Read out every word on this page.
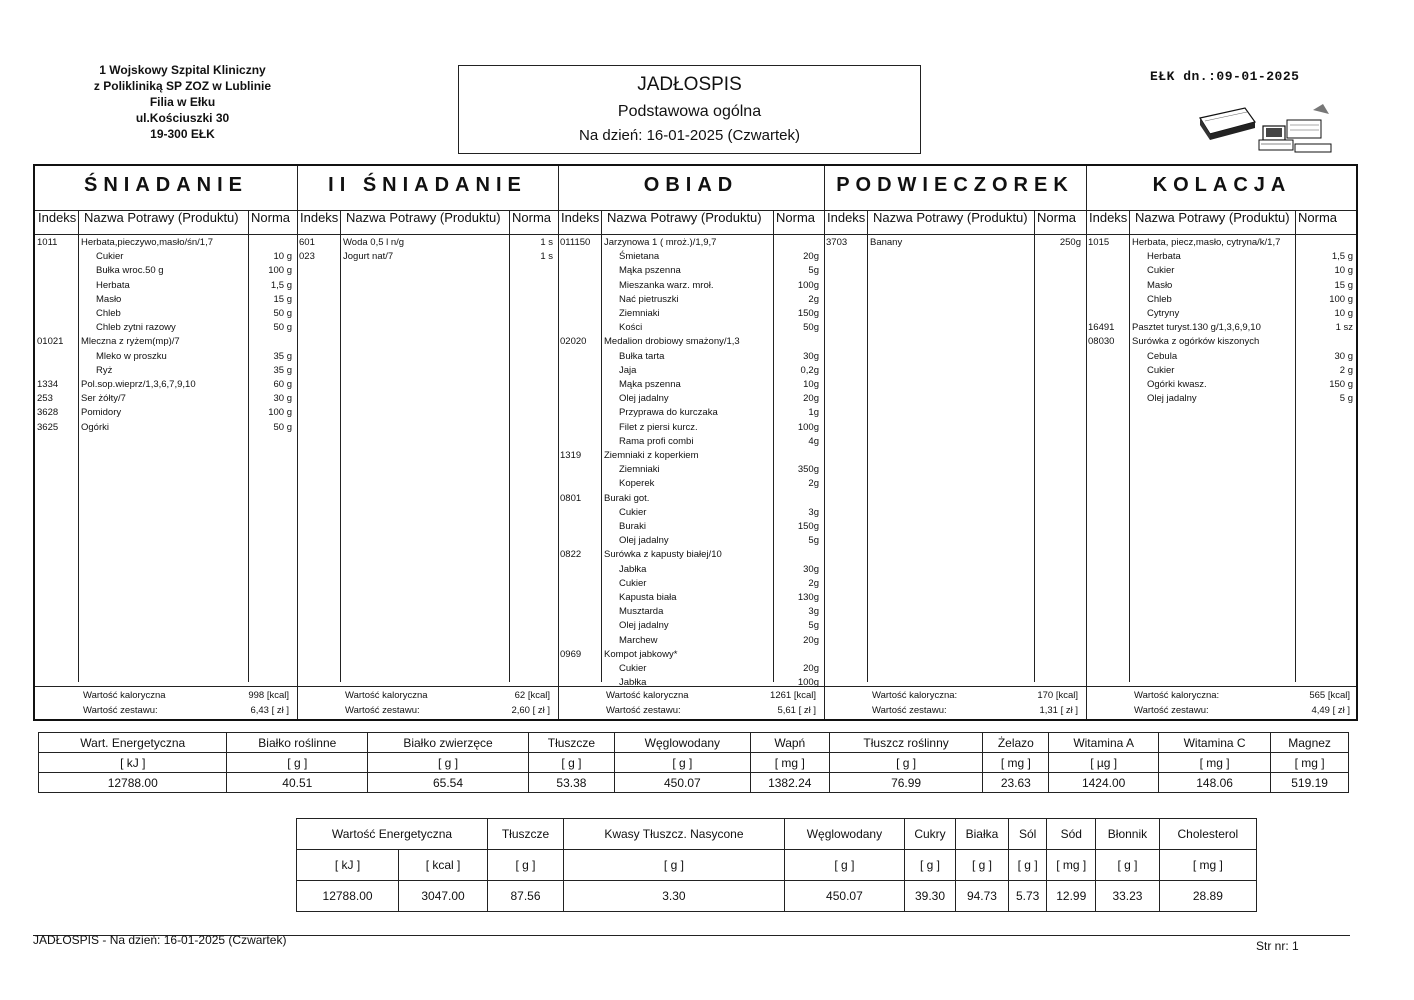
1 Wojskowy Szpital Kliniczny
z Polikliniką SP ZOZ w Lublinie
Filia w Ełku
ul.Kościuszki 30
19-300 EŁK
JADŁOSPIS
Podstawowa ogólna
Na dzień: 16-01-2025 (Czwartek)
EŁK dn.:09-01-2025
ŚNIADANIE
Indeks Nazwa Potrawy (Produktu) Norma
1011 Herbata,pieczywo,masło/śn/1,7
Cukier	10 g
Bułka wroc.50 g	100 g
Herbata	1,5 g
Masło	15 g
Chleb	50 g
Chleb zytni razowy	50 g
01021 Mleczna z ryżem(mp)/7
Mleko w proszku	35 g
Ryż	35 g
1334 Pol.sop.wieprz/1,3,6,7,9,10	60 g
253	Ser żółty/7	30 g
3628 Pomidory	100 g
3625 Ogórki	50 g
Wartość kaloryczna	998 [kcal]
Wartość zestawu:	6,43 [ zł ]
II ŚNIADANIE
Indeks Nazwa Potrawy (Produktu) Norma
601	Woda 0,5 l n/g	1 s
023	Jogurt nat/7	1 s
Wartość kaloryczna	62 [kcal]
Wartość zestawu:	2,60 [ zł ]
OBIAD
Indeks Nazwa Potrawy (Produktu) Norma
011150 Jarzynowa 1 ( mroż.)/1,9,7
Śmietana	20g
Mąka pszenna	5g
Mieszanka warz. mroł.	100g
Nać pietruszki	2g
Ziemniaki	150g
Kości	50g
02020 Medalion drobiowy smażony/1,3
Bułka tarta	30g
Jaja	0,2g
Mąka pszenna	10g
Olej jadalny	20g
Przyprawa do kurczaka	1g
Filet z piersi kurcz.	100g
Rama profi combi	4g
1319 Ziemniaki z koperkiem
Ziemniaki	350g
Koperek	2g
0801 Buraki got.
Cukier	3g
Buraki	150g
Olej jadalny	5g
0822 Surówka z kapusty białej/10
Jabłka	30g
Cukier	2g
Kapusta biała	130g
Musztarda	3g
Olej jadalny	5g
Marchew	20g
0969 Kompot jabkowy*
Cukier	20g
Jabłka	100g
Wartość kaloryczna	1261 [kcal]
Wartość zestawu:	5,61 [ zł ]
PODWIECZOREK
Indeks Nazwa Potrawy (Produktu) Norma
3703 Banany	250g
Wartość kaloryczna:	170 [kcal]
Wartość zestawu:	1,31 [ zł ]
KOLACJA
Indeks Nazwa Potrawy (Produktu) Norma
1015 Herbata, piecz,masło, cytryna/k/1,7
Herbata	1,5 g
Cukier	10 g
Masło	15 g
Chleb	100 g
Cytryny	10 g
16491 Pasztet turyst.130 g/1,3,6,9,10	1 sz
08030 Surówka z ogórków kiszonych
Cebula	30 g
Cukier	2 g
Ogórki kwasz.	150 g
Olej jadalny	5 g
Wartość kaloryczna:	565 [kcal]
Wartość zestawu:	4,49 [ zł ]
Wart. Energetyczna	Białko roślinne	Białko zwierzęce	Tłuszcze	Węglowodany	Wapń	Tłuszcz roślinny	Żelazo	Witamina A	Witamina C	Magnez
[ kJ ]	[ g ]	[ g ]	[ g ]	[ g ]	[ mg ]	[ g ]	[ mg ]	[ µg ]	[ mg ]	[ mg ]
12788.00	40.51	65.54	53.38	450.07	1382.24	76.99	23.63	1424.00	148.06	519.19
Wartość Energetyczna		Tłuszcze	Kwasy Tłuszcz. Nasycone	Węglowodany	Cukry	Białka	Sól	Sód	Błonnik	Cholesterol
[ kJ ]	[ kcal ]	[ g ]	[ g ]	[ g ]	[ g ]	[ g ]	[ g ]	[ mg ]	[ g ]	[ mg ]
12788.00	3047.00	87.56	3.30	450.07	39.30	94.73	5.73	12.99	33.23	28.89
JADŁOSPIS - Na dzień: 16-01-2025 (Czwartek)	Str nr: 1
